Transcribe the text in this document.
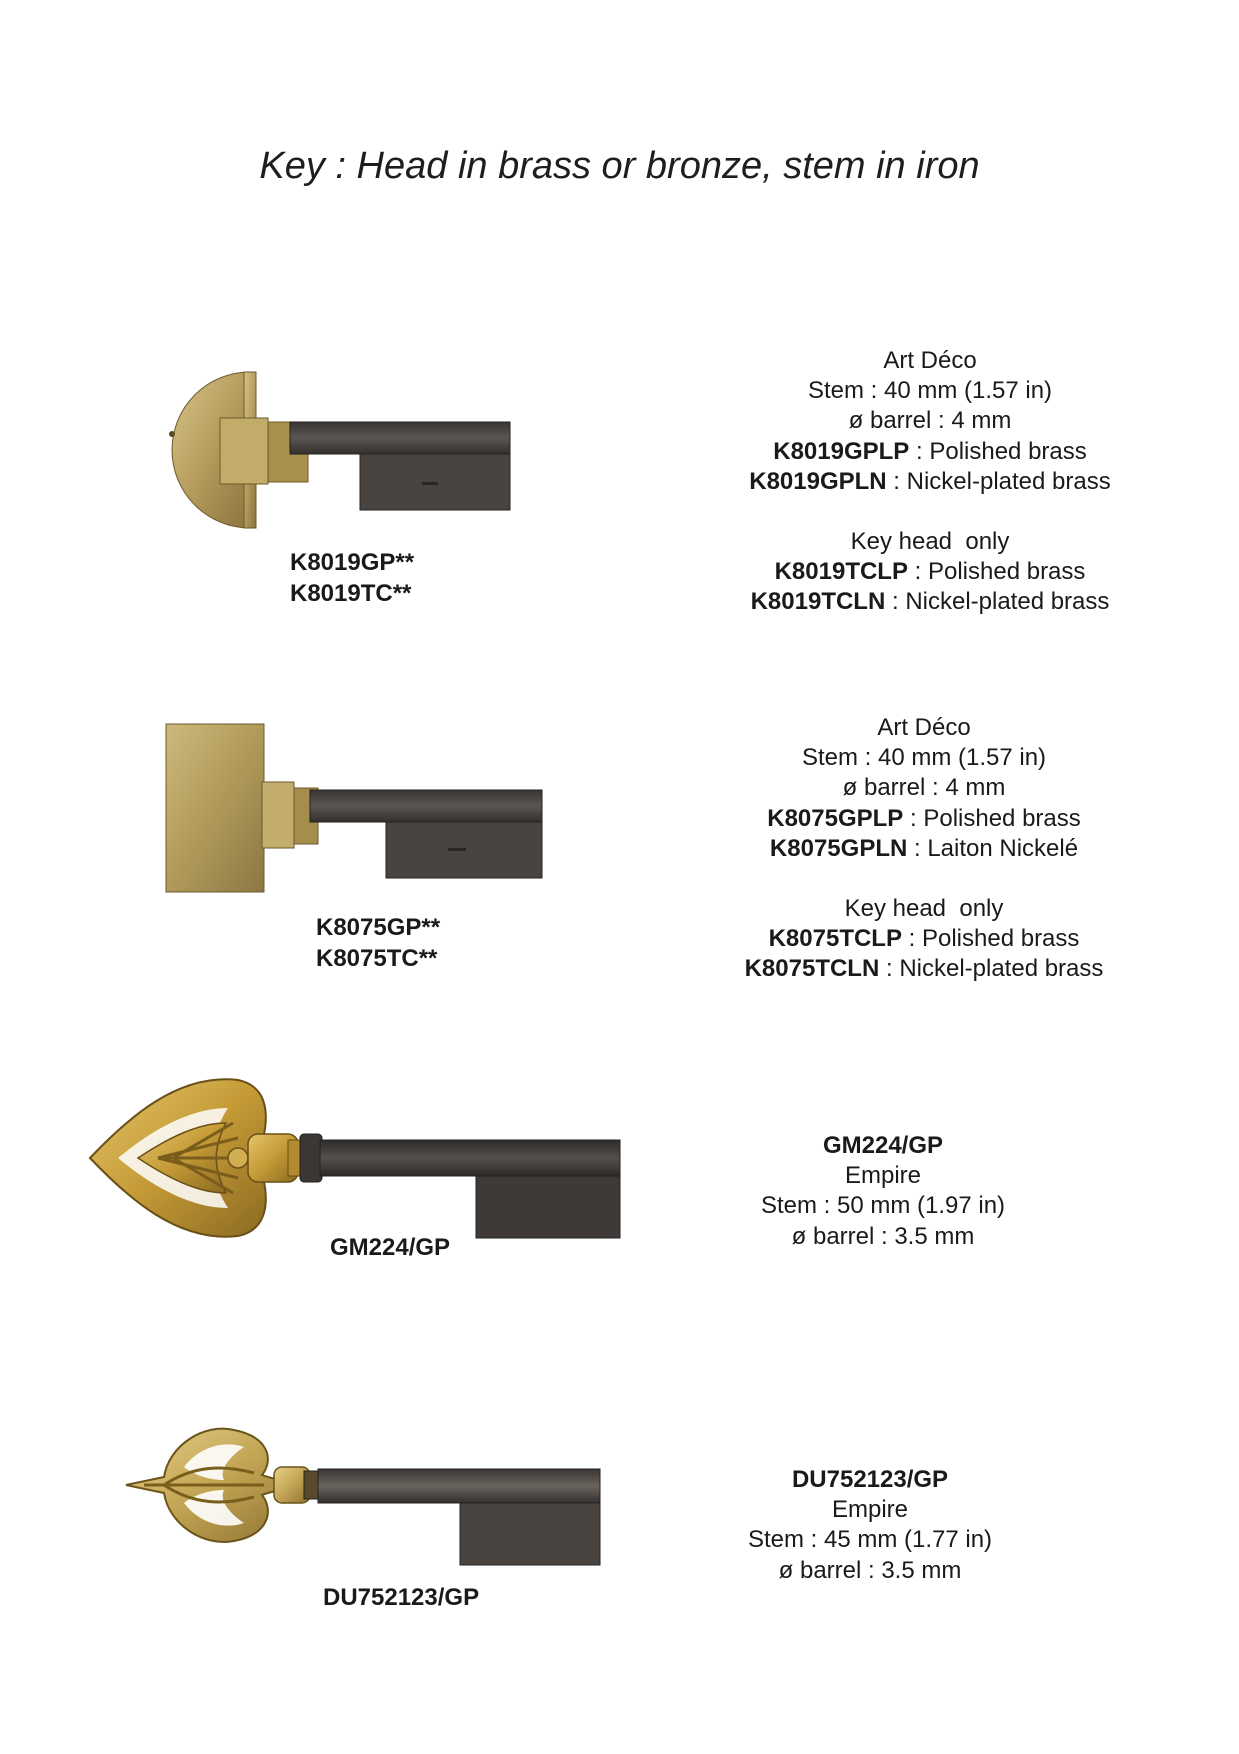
Key : Head in brass or bronze, stem in iron
K8019GP**
K8019TC**
Art Déco
Stem : 40 mm (1.57 in)
ø barrel : 4 mm
K8019GPLP : Polished brass
K8019GPLN : Nickel-plated brass
Key head  only
K8019TCLP : Polished brass
K8019TCLN : Nickel-plated brass
K8075GP**
K8075TC**
Art Déco
Stem : 40 mm (1.57 in)
ø barrel : 4 mm
K8075GPLP : Polished brass
K8075GPLN : Laiton Nickelé
Key head  only
K8075TCLP : Polished brass
K8075TCLN : Nickel-plated brass
GM224/GP
GM224/GP
Empire
Stem : 50 mm (1.97 in)
ø barrel : 3.5 mm
DU752123/GP
DU752123/GP
Empire
Stem : 45 mm (1.77 in)
ø barrel : 3.5 mm
